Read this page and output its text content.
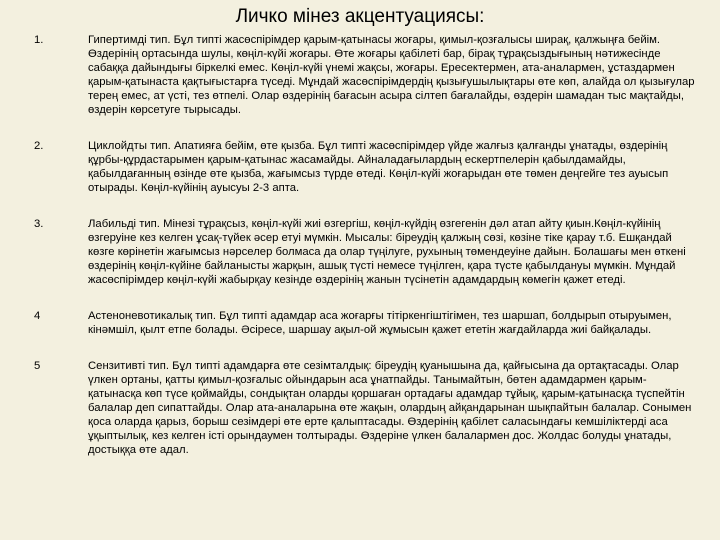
Личко мінез акцентуациясы:
1.	Гипертимді тип. Бұл типті жасөспірімдер қарым-қатынасы жоғары, қимыл-қозғалысы ширақ, қалжыңға бейім. Өздерінің ортасында шулы, көңіл-күйі жоғары. Өте жоғары қабілеті бар, бірақ тұрақсыздығының нәтижесінде сабаққа дайындығы біркелкі емес. Көңіл-күйі үнемі жақсы, жоғары. Ересектермен, ата-аналармен, ұстаздармен қарым-қатынаста қақтығыстарға түседі. Мұндай жасөспірімдердің қызығушылықтары өте көп, алайда ол қызығулар терең емес, ат үсті, тез өтпелі. Олар өздерінің бағасын асыра сілтеп бағалайды, өздерін шамадан тыс мақтайды, өздерін көрсетуге тырысады.
2.	Циклойдты тип. Апатияға бейім, өте қызба. Бұл типті жасөспірімдер үйде жалғыз қалғанды ұнатады, өздерінің құрбы-құрдастарымен қарым-қатынас жасамайды. Айналадағылардың ескертпелерін қабылдамайды, қабылдағанның өзінде өте қызба, жағымсыз түрде өтеді. Көңіл-күйі жоғарыдан өте төмен деңгейге тез ауысып отырады. Көңіл-күйінің ауысуы 2-3 апта.
3.	Лабильді тип. Мінезі тұрақсыз, көңіл-күйі жиі өзгергіш, көңіл-күйдің өзгегенін дәл атап айту қиын.Көңіл-күйінің өзгеруіне кез келген ұсақ-түйек әсер етуі мүмкін. Мысалы: біреудің қалжың сөзі, көзіне тіке қарау т.б. Ешқандай көзге көрінетін жағымсыз нәрселер болмаса да олар түңілуге, рухының төмендеуіне дайын. Болашағы мен өткені өздерінің көңіл-күйіне байланысты жарқын, ашық түсті немесе түңілген, қара түсте қабылдануы мүмкін. Мұндай жасөспірімдер көңіл-күйі жабырқау кезінде өздерінің жанын түсінетін адамдардың көмегін қажет етеді.
4	Астеноневотикалық тип. Бұл типті адамдар аса жоғарғы тітіркенгіштігімен, тез шаршап, болдырып отыруымен, кінәмшіл, қылт етпе болады. Әсіресе, шаршау ақыл-ой жұмысын қажет ететін жағдайларда жиі байқалады.
5	Сензитивті тип. Бұл типті адамдарға өте сезімталдық: біреудің қуанышына да, қайғысына да ортақтасады. Олар үлкен ортаны, қатты қимыл-қозғалыс ойындарын аса ұнатпайды. Танымайтын, бөтен адамдармен қарым-қатынасқа көп түсе қоймайды, сондықтан оларды қоршаған ортадағы адамдар тұйық, қарым-қатынасқа түспейтін балалар деп сипаттайды. Олар ата-аналарына өте жақын, олардың айқандарынан шықпайтын балалар. Сонымен қоса оларда қарыз, борыш сезімдері өте ерте қалыптасады. Өздерінің қабілет саласындағы кемшіліктерді аса ұқыптылық, кез келген істі орындаумен толтырады. Өздеріне үлкен балалармен дос. Жолдас болуды ұнатады, достыққа өте адал.
